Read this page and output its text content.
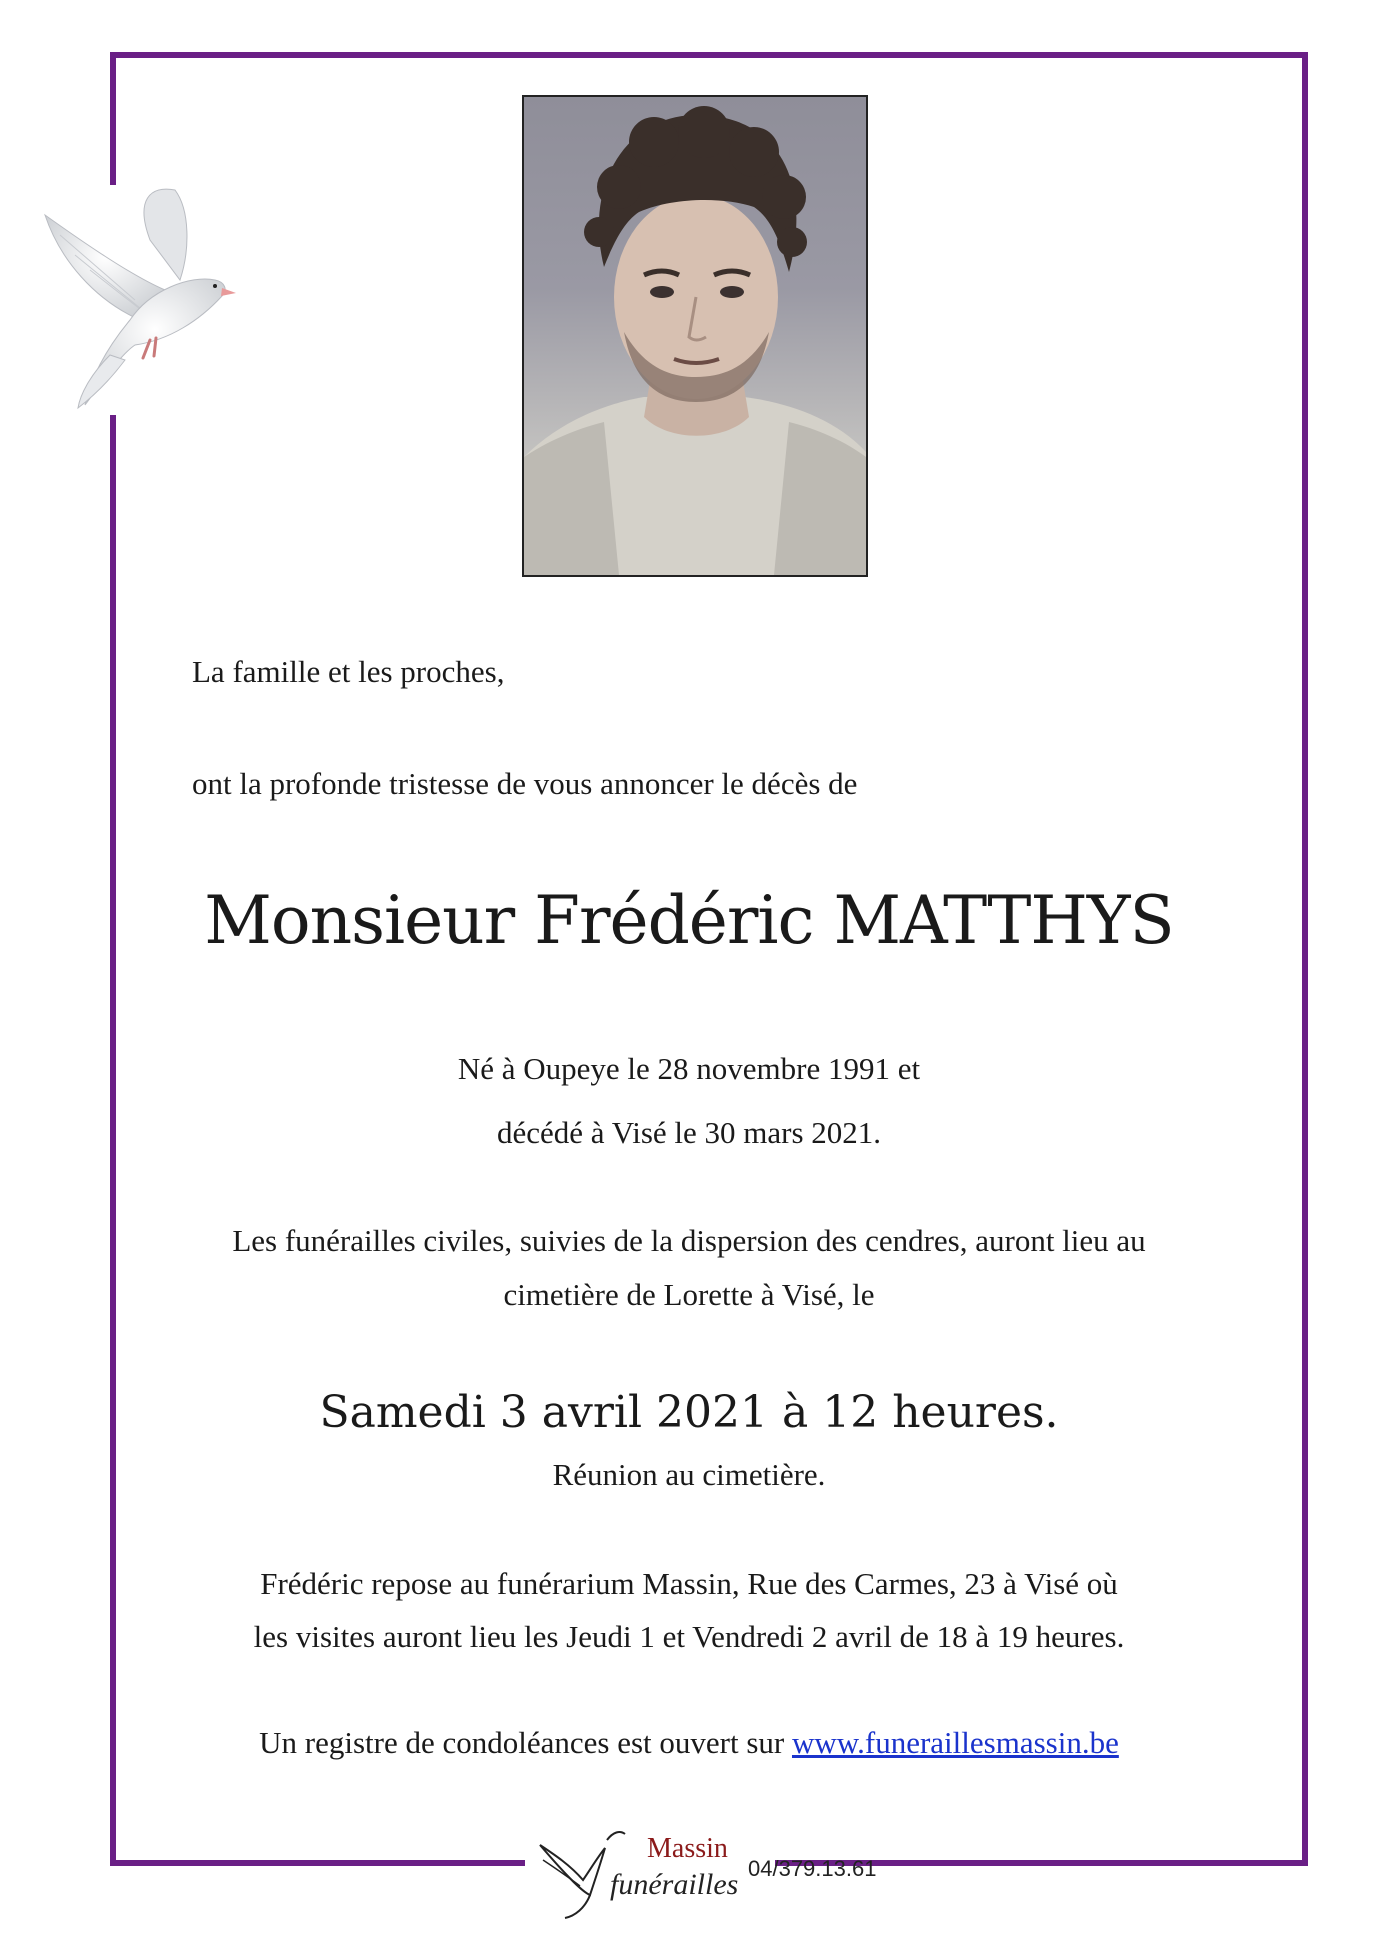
La famille et les proches,
ont la profonde tristesse de vous annoncer le décès de
Monsieur Frédéric MATTHYS
Né à Oupeye le 28 novembre 1991 et
décédé à Visé le 30 mars 2021.
Les funérailles civiles, suivies de la dispersion des cendres, auront lieu au
cimetière de Lorette à Visé, le
Samedi 3 avril 2021 à 12 heures.
Réunion au cimetière.
Frédéric repose au funérarium Massin, Rue des Carmes, 23 à Visé où
les visites auront lieu les Jeudi 1 et Vendredi 2 avril de 18 à 19 heures.
Un registre de condoléances est ouvert sur www.funeraillesmassin.be
Massin
funérailles 04/379.13.61
